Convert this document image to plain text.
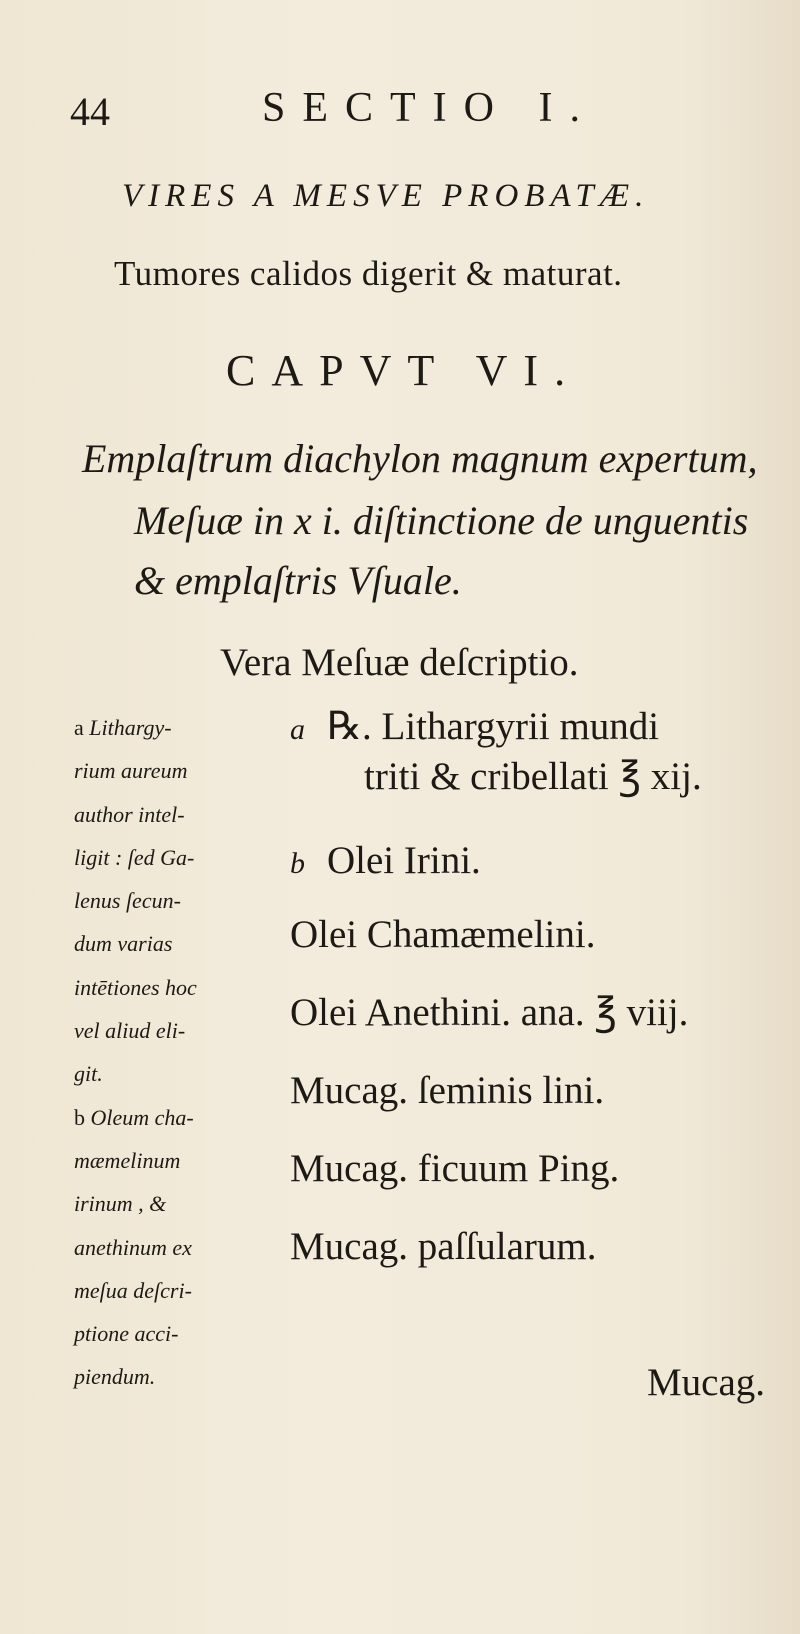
44	SECTIO I.
VIRES A MESVE PROBATÆ.
Tumores calidos digerit & maturat.
CAPVT VI.
Emplaſtrum diachylon magnum expertum,
Meſuæ in x i. diſtinctione de unguentis
& emplaſtris Vſuale.
Vera Meſuæ deſcriptio.
a Lithargy-
rium aureum
author intel-
ligit : ſed Ga-
lenus ſecun-
dum varias
intētiones hoc
vel aliud eli-
git.
b Oleum cha-
mæmelinum
irinum , &
anethinum ex
meſua deſcri-
ptione acci-
piendum.
a ℞. Lithargyrii mundi
triti & cribellati ℥ xij.
b Olei Irini.
Olei Chamæmelini.
Olei Anethini. ana. ℥ viij.
Mucag. ſeminis lini.
Mucag. ficuum Ping.
Mucag. paſſularum.
Mucag.
